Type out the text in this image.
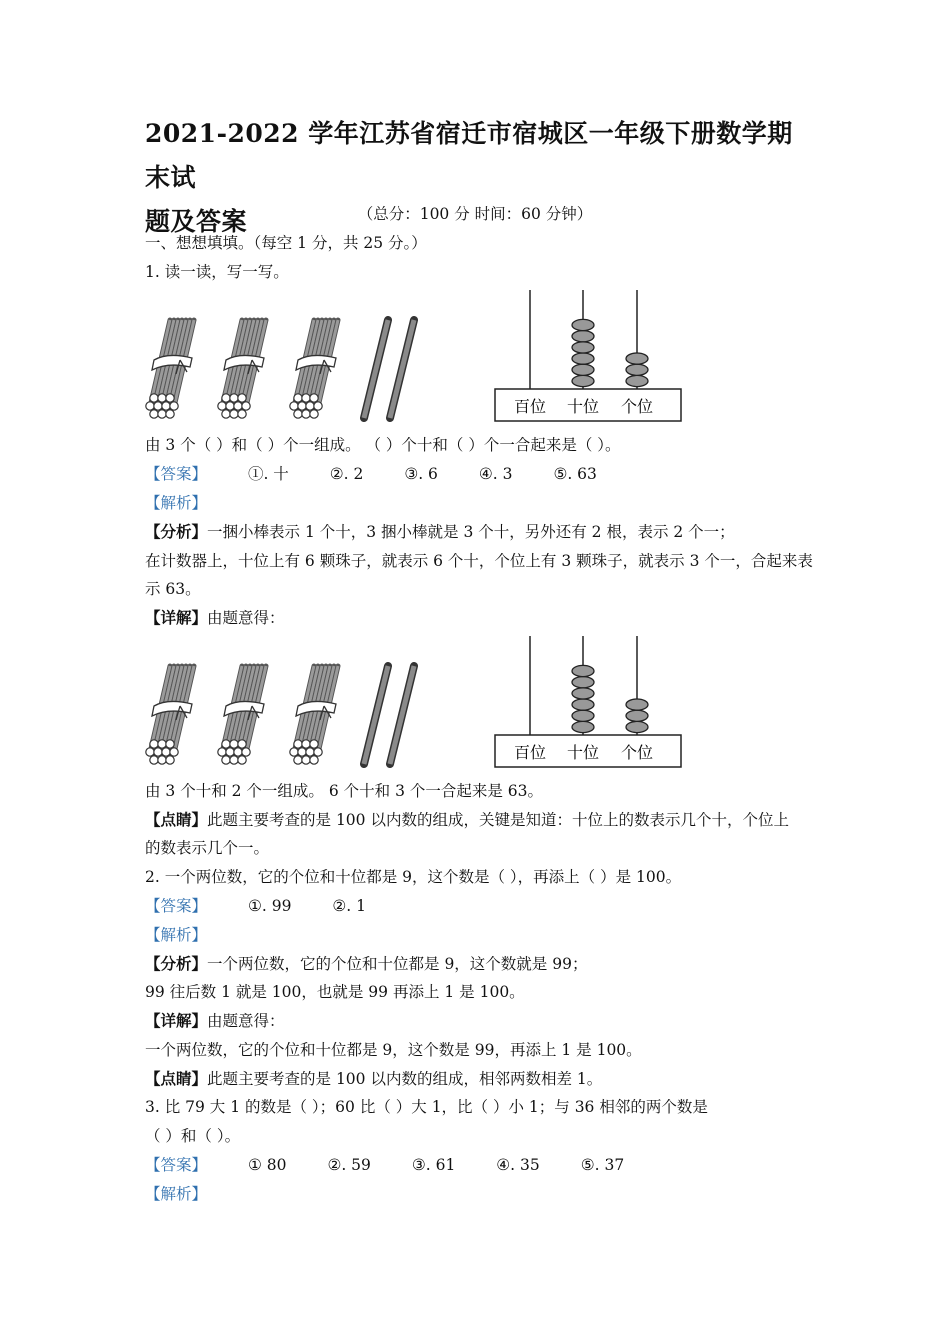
2021-2022 学年江苏省宿迁市宿城区一年级下册数学期末试
题及答案	（总分：100 分 时间：60 分钟）
一、想想填填。（每空 1 分，共 25 分。）
1. 读一读，写一写。
百位 十位 个位
由 3 个（ ）和（ ）个一组成。 （ ）个十和（ ）个一合起来是（ ）。
【答案】	①. 十	②. 2	③. 6	④. 3	⑤. 63
【解析】
【分析】一捆小棒表示 1 个十，3 捆小棒就是 3 个十，另外还有 2 根，表示 2 个一；
在计数器上，十位上有 6 颗珠子，就表示 6 个十，个位上有 3 颗珠子，就表示 3 个一，合起来表
示 63。
【详解】由题意得：
百位 十位 个位
由 3 个十和 2 个一组成。 6 个十和 3 个一合起来是 63。
【点睛】此题主要考查的是 100 以内数的组成，关键是知道：十位上的数表示几个十，个位上
的数表示几个一。
2. 一个两位数，它的个位和十位都是 9，这个数是（ ），再添上（ ）是 100。
【答案】	①. 99	②. 1
【解析】
【分析】一个两位数，它的个位和十位都是 9，这个数就是 99；
99 往后数 1 就是 100，也就是 99 再添上 1 是 100。
【详解】由题意得：
一个两位数，它的个位和十位都是 9，这个数是 99，再添上 1 是 100。
【点睛】此题主要考查的是 100 以内数的组成，相邻两数相差 1。
3. 比 79 大 1 的数是（ ）；60 比（ ）大 1，比（ ）小 1；与 36 相邻的两个数是
（ ）和（ ）。
【答案】	① 80	②. 59	③. 61	④. 35	⑤. 37
【解析】
